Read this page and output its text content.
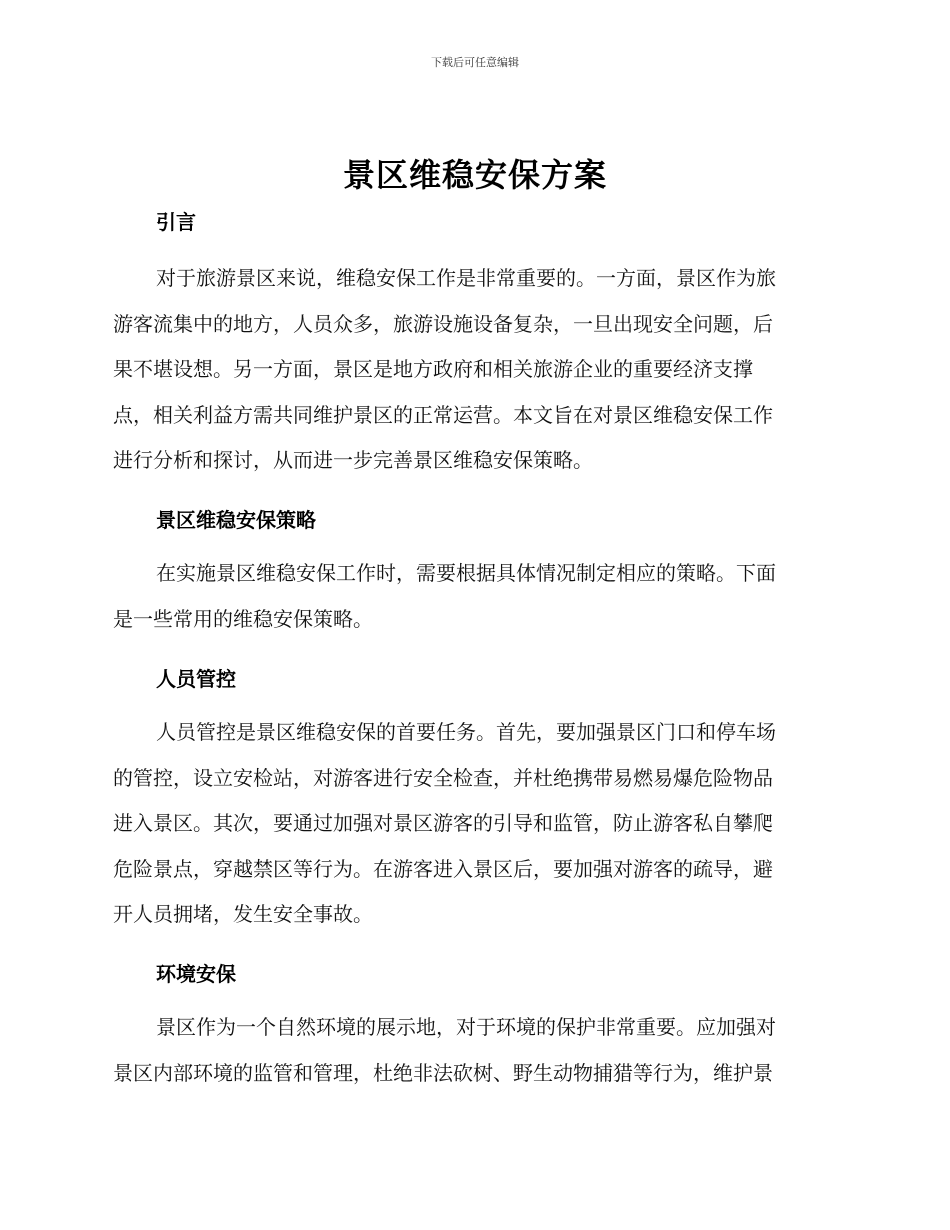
下载后可任意编辑
景区维稳安保方案
引言
对于旅游景区来说，维稳安保工作是非常重要的。一方面，景区作为旅
游客流集中的地方，人员众多，旅游设施设备复杂，一旦出现安全问题，后
果不堪设想。另一方面，景区是地方政府和相关旅游企业的重要经济支撑
点，相关利益方需共同维护景区的正常运营。本文旨在对景区维稳安保工作
进行分析和探讨，从而进一步完善景区维稳安保策略。
景区维稳安保策略
在实施景区维稳安保工作时，需要根据具体情况制定相应的策略。下面
是一些常用的维稳安保策略。
人员管控
人员管控是景区维稳安保的首要任务。首先，要加强景区门口和停车场
的管控，设立安检站，对游客进行安全检查，并杜绝携带易燃易爆危险物品
进入景区。其次，要通过加强对景区游客的引导和监管，防止游客私自攀爬
危险景点，穿越禁区等行为。在游客进入景区后，要加强对游客的疏导，避
开人员拥堵，发生安全事故。
环境安保
景区作为一个自然环境的展示地，对于环境的保护非常重要。应加强对
景区内部环境的监管和管理，杜绝非法砍树、野生动物捕猎等行为，维护景
